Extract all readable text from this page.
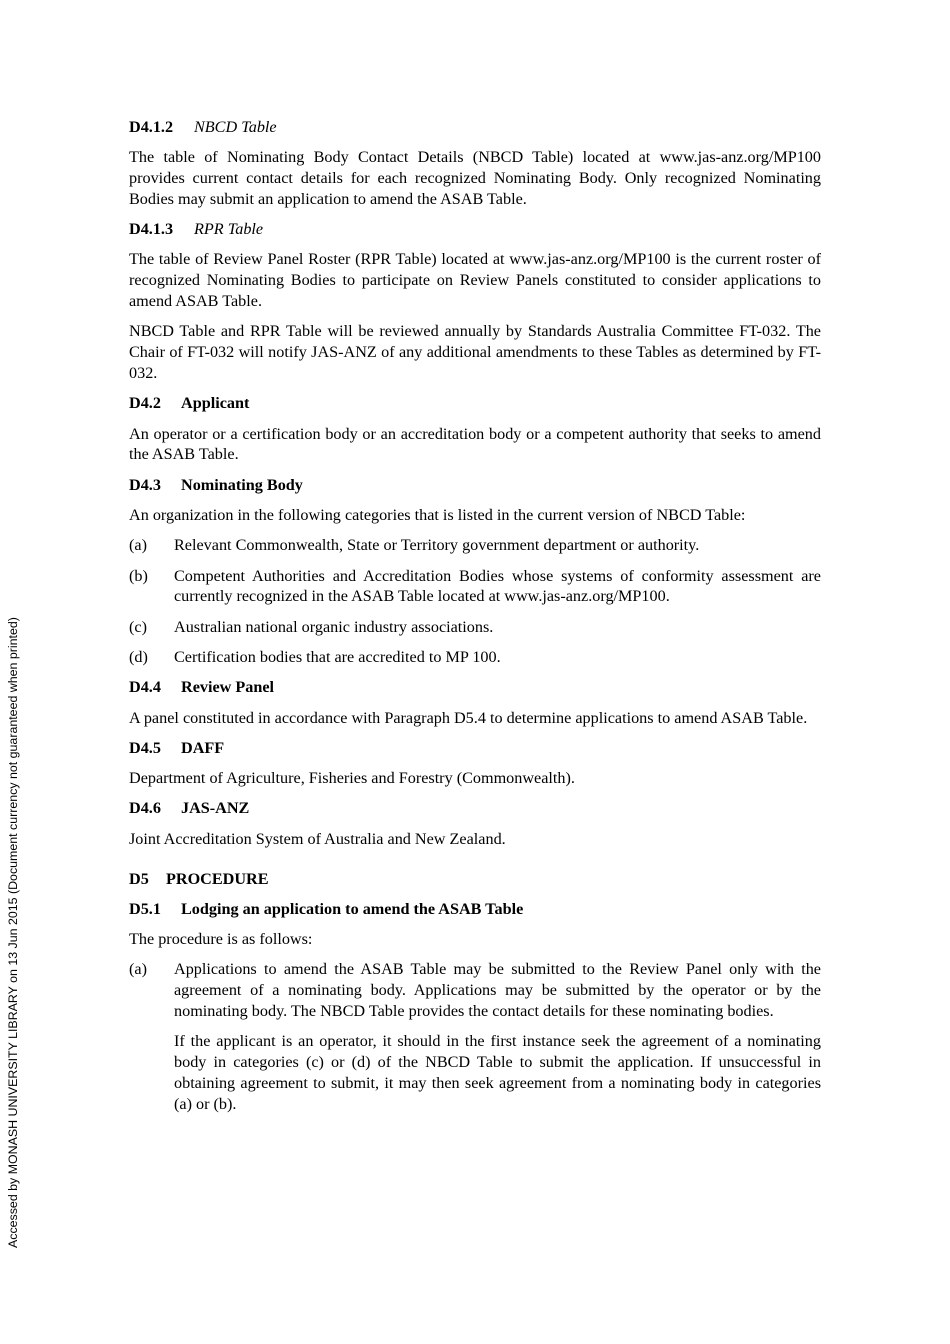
Accessed by MONASH UNIVERSITY LIBRARY on 13 Jun 2015 (Document currency not guaranteed when printed)
D4.1.2 NBCD Table

The table of Nominating Body Contact Details (NBCD Table) located at www.jas-anz.org/MP100 provides current contact details for each recognized Nominating Body. Only recognized Nominating Bodies may submit an application to amend the ASAB Table.

D4.1.3 RPR Table

The table of Review Panel Roster (RPR Table) located at www.jas-anz.org/MP100 is the current roster of recognized Nominating Bodies to participate on Review Panels constituted to consider applications to amend ASAB Table.

NBCD Table and RPR Table will be reviewed annually by Standards Australia Committee FT-032. The Chair of FT-032 will notify JAS-ANZ of any additional amendments to these Tables as determined by FT-032.

D4.2 Applicant

An operator or a certification body or an accreditation body or a competent authority that seeks to amend the ASAB Table.

D4.3 Nominating Body

An organization in the following categories that is listed in the current version of NBCD Table:

(a)	Relevant Commonwealth, State or Territory government department or authority.
(b)	Competent Authorities and Accreditation Bodies whose systems of conformity assessment are currently recognized in the ASAB Table located at www.jas-anz.org/MP100.
(c)	Australian national organic industry associations.
(d)	Certification bodies that are accredited to MP 100.
D4.4 Review Panel

A panel constituted in accordance with Paragraph D5.4 to determine applications to amend ASAB Table.

D4.5 DAFF

Department of Agriculture, Fisheries and Forestry (Commonwealth).

D4.6 JAS-ANZ

Joint Accreditation System of Australia and New Zealand.

D5 PROCEDURE
D5.1 Lodging an application to amend the ASAB Table

The procedure is as follows:

(a)	Applications to amend the ASAB Table may be submitted to the Review Panel only with the agreement of a nominating body. Applications may be submitted by the operator or by the nominating body. The NBCD Table provides the contact details for these nominating bodies.

If the applicant is an operator, it should in the first instance seek the agreement of a nominating body in categories (c) or (d) of the NBCD Table to submit the application. If unsuccessful in obtaining agreement to submit, it may then seek agreement from a nominating body in categories (a) or (b).
